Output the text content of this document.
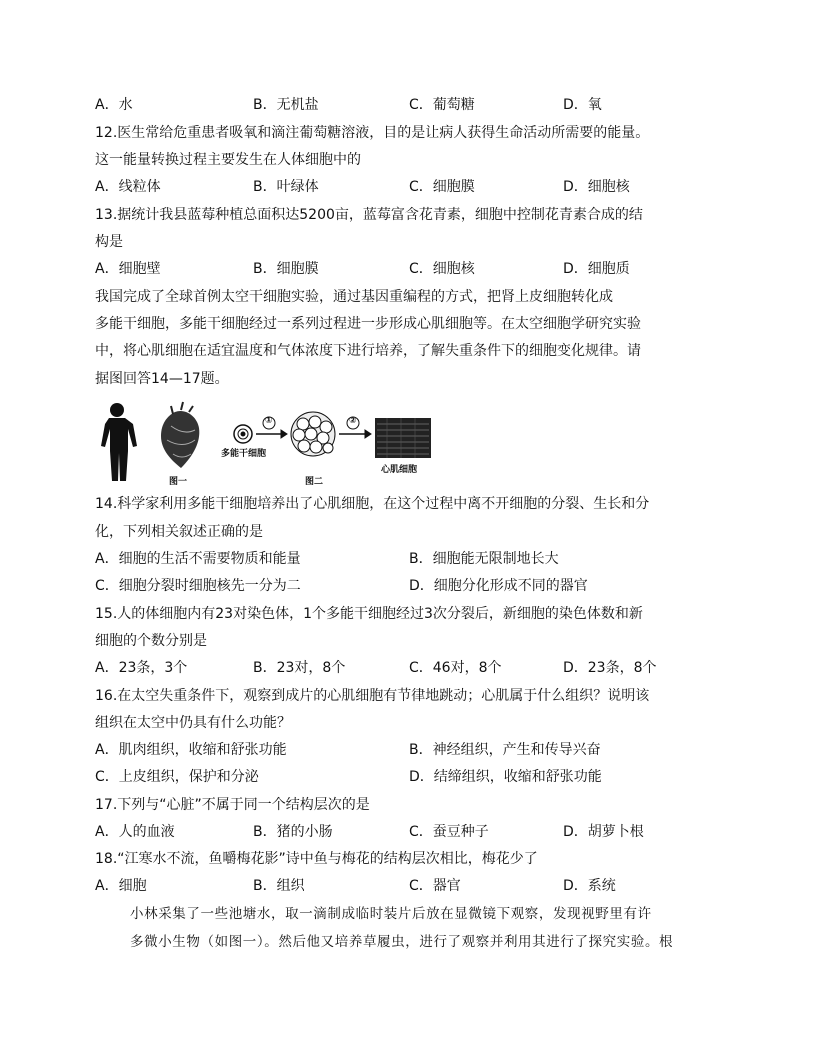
A．水	B．无机盐	C．葡萄糖	D．氧
12.医生常给危重患者吸氧和滴注葡萄糖溶液，目的是让病人获得生命活动所需要的能量。
这一能量转换过程主要发生在人体细胞中的
A．线粒体	B．叶绿体	C．细胞膜	D．细胞核
13.据统计我县蓝莓种植总面积达5200亩，蓝莓富含花青素，细胞中控制花青素合成的结
构是
A．细胞壁	B．细胞膜	C．细胞核	D．细胞质
我国完成了全球首例太空干细胞实验，通过基因重编程的方式，把肾上皮细胞转化成
多能干细胞，多能干细胞经过一系列过程进一步形成心肌细胞等。在太空细胞学研究实验
中，将心肌细胞在适宜温度和气体浓度下进行培养，了解失重条件下的细胞变化规律。请
据图回答14—17题。
图一
多能干细胞
①
图二
②
心肌细胞
14.科学家利用多能干细胞培养出了心肌细胞，在这个过程中离不开细胞的分裂、生长和分
化，下列相关叙述正确的是
A．细胞的生活不需要物质和能量	B．细胞能无限制地长大
C．细胞分裂时细胞核先一分为二	D．细胞分化形成不同的器官
15.人的体细胞内有23对染色体，1个多能干细胞经过3次分裂后，新细胞的染色体数和新
细胞的个数分别是
A．23条，3个	B．23对，8个	C．46对，8个	D．23条，8个
16.在太空失重条件下，观察到成片的心肌细胞有节律地跳动；心肌属于什么组织？说明该
组织在太空中仍具有什么功能？
A．肌肉组织，收缩和舒张功能	B．神经组织，产生和传导兴奋
C．上皮组织，保护和分泌	D．结缔组织，收缩和舒张功能
17.下列与“心脏”不属于同一个结构层次的是
A．人的血液	B．猪的小肠	C．蚕豆种子	D．胡萝卜根
18.“江寒水不流，鱼嚼梅花影”诗中鱼与梅花的结构层次相比，梅花少了
A．细胞	B．组织	C．器官	D．系统
小林采集了一些池塘水，取一滴制成临时装片后放在显微镜下观察，发现视野里有许
多微小生物（如图一）。然后他又培养草履虫，进行了观察并利用其进行了探究实验。根
